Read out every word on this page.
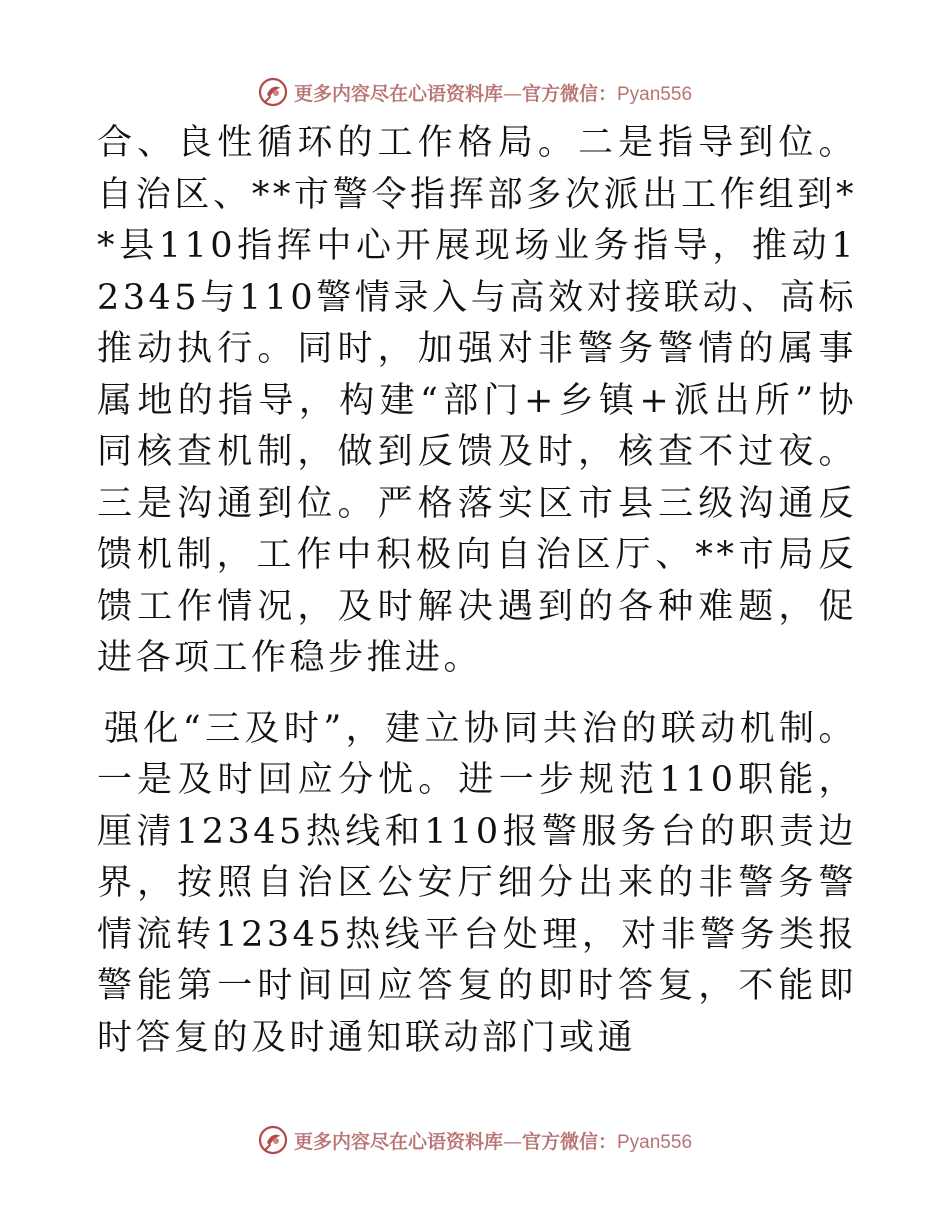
更多内容尽在心语资料库—官方微信：Pyan556

合、良性循环的工作格局。二是指导到位。自治区、**市警令指挥部多次派出工作组到**县110指挥中心开展现场业务指导，推动12345与110警情录入与高效对接联动、高标推动执行。同时，加强对非警务警情的属事属地的指导，构建“部门+乡镇+派出所”协同核查机制，做到反馈及时，核查不过夜。三是沟通到位。严格落实区市县三级沟通反馈机制，工作中积极向自治区厅、**市局反馈工作情况，及时解决遇到的各种难题，促进各项工作稳步推进。

强化“三及时”，建立协同共治的联动机制。一是及时回应分忧。进一步规范110职能，厘清12345热线和110报警服务台的职责边界，按照自治区公安厅细分出来的非警务警情流转12345热线平台处理，对非警务类报警能第一时间回应答复的即时答复，不能即时答复的及时通知联动部门或通

更多内容尽在心语资料库—官方微信：Pyan556
